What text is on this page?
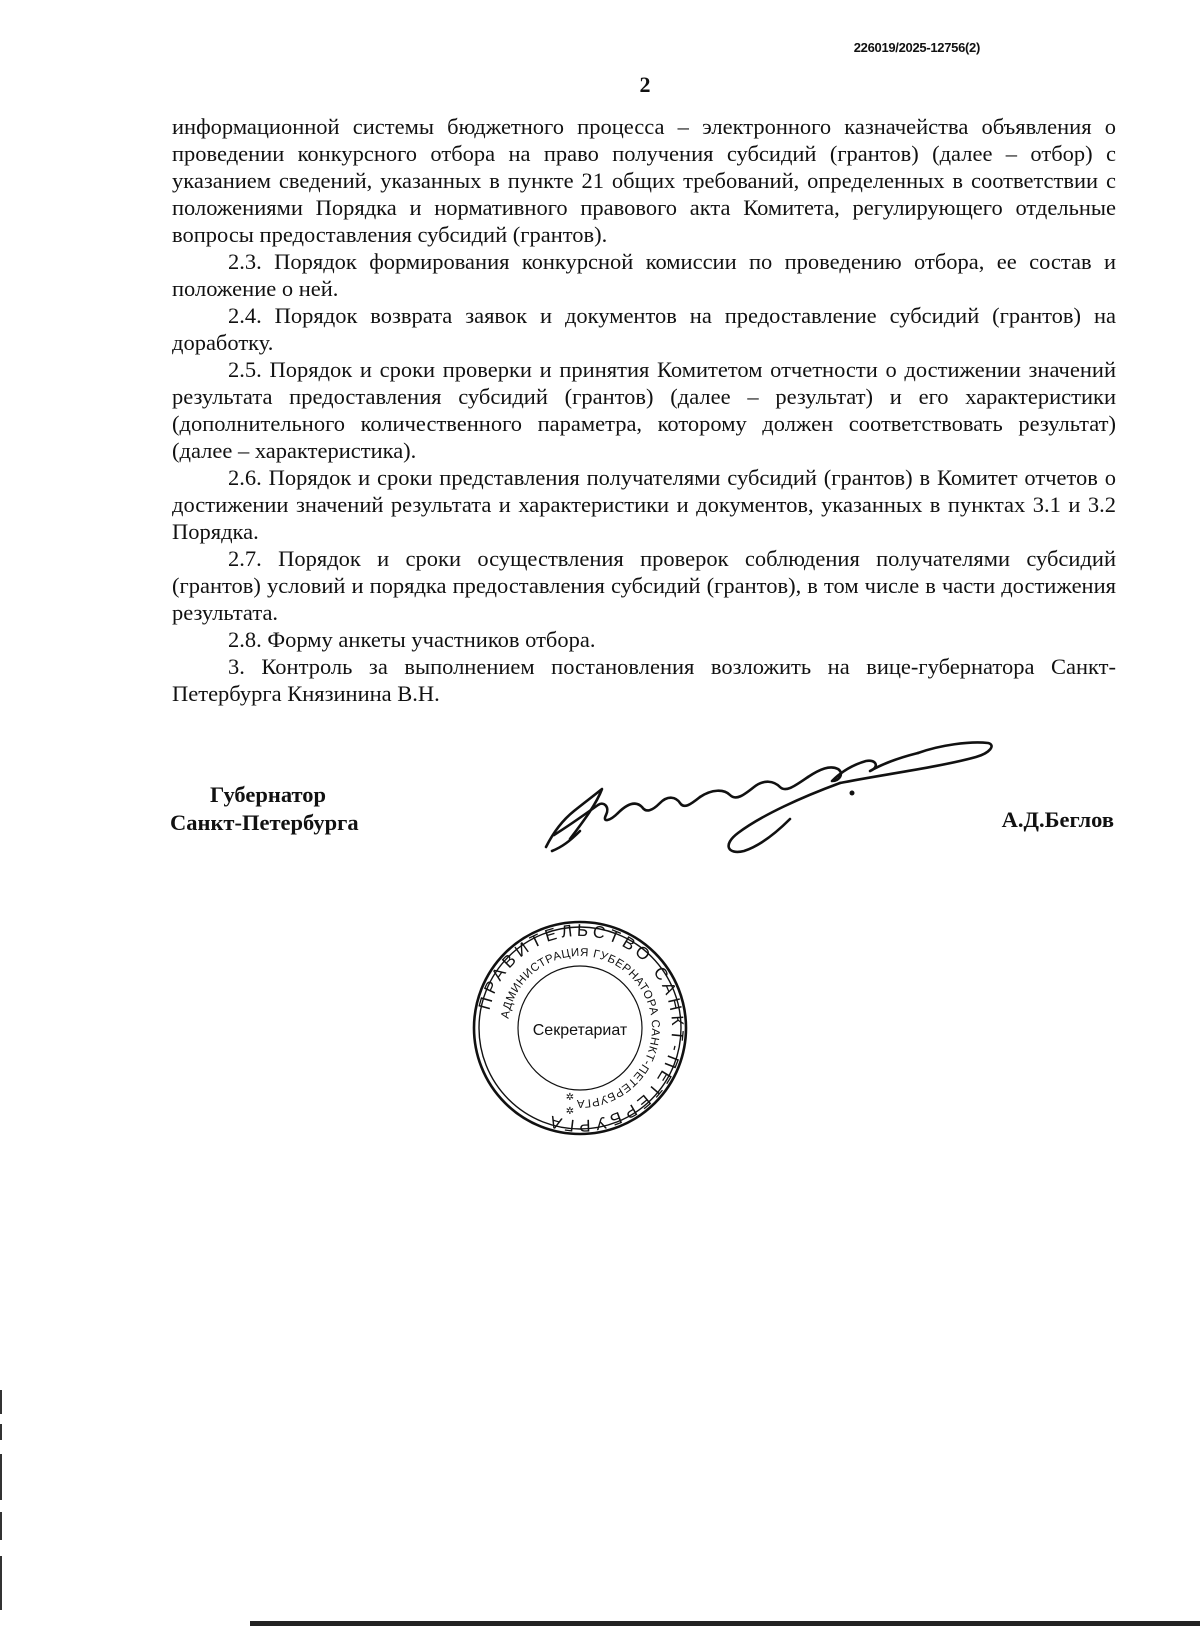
226019/2025-12756(2)
2

информационной системы бюджетного процесса – электронного казначейства объявления о проведении конкурсного отбора на право получения субсидий (грантов) (далее – отбор) с указанием сведений, указанных в пункте 21 общих требований, определенных в соответствии с положениями Порядка и нормативного правового акта Комитета, регулирующего отдельные вопросы предоставления субсидий (грантов).

2.3. Порядок формирования конкурсной комиссии по проведению отбора, ее состав и положение о ней.

2.4. Порядок возврата заявок и документов на предоставление субсидий (грантов) на доработку.

2.5. Порядок и сроки проверки и принятия Комитетом отчетности о достижении значений результата предоставления субсидий (грантов) (далее – результат) и его характеристики (дополнительного количественного параметра, которому должен соответствовать результат) (далее – характеристика).

2.6. Порядок и сроки представления получателями субсидий (грантов) в Комитет отчетов о достижении значений результата и характеристики и документов, указанных в пунктах 3.1 и 3.2 Порядка.

2.7. Порядок и сроки осуществления проверок соблюдения получателями субсидий (грантов) условий и порядка предоставления субсидий (грантов), в том числе в части достижения результата.

2.8. Форму анкеты участников отбора.

3. Контроль за выполнением постановления возложить на вице-губернатора Санкт-Петербурга Князинина В.Н.

Губернатор
Санкт-Петербурга	А.Д.Беглов
ПРАВИТЕЛЬСТВО САНКТ-ПЕТЕРБУРГА
АДМИНИСТРАЦИЯ ГУБЕРНАТОРА САНКТ-ПЕТЕРБУРГА
Секретариат
✲
✲
